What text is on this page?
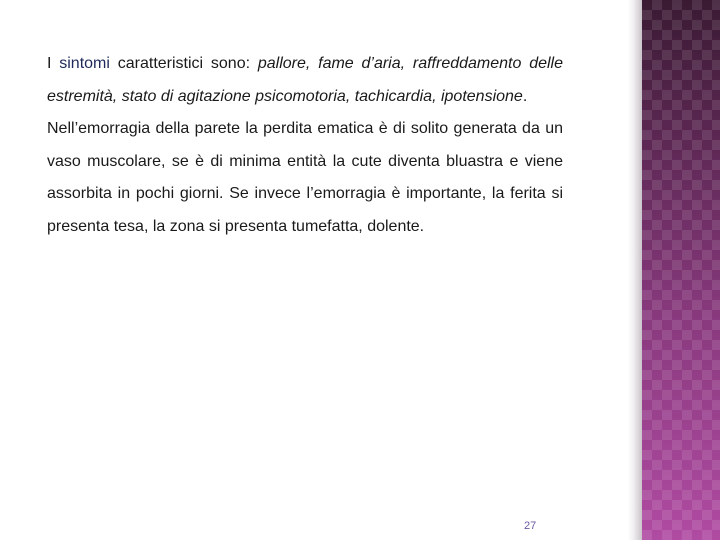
I sintomi caratteristici sono: pallore, fame d’aria, raffreddamento delle estremità, stato di agitazione psicomotoria, tachicardia, ipotensione.

Nell’emorragia della parete la perdita ematica è di solito generata da un vaso muscolare, se è di minima entità la cute diventa bluastra e viene assorbita in pochi giorni. Se invece l’emorragia è importante, la ferita si presenta tesa, la zona si presenta tumefatta, dolente.

27
